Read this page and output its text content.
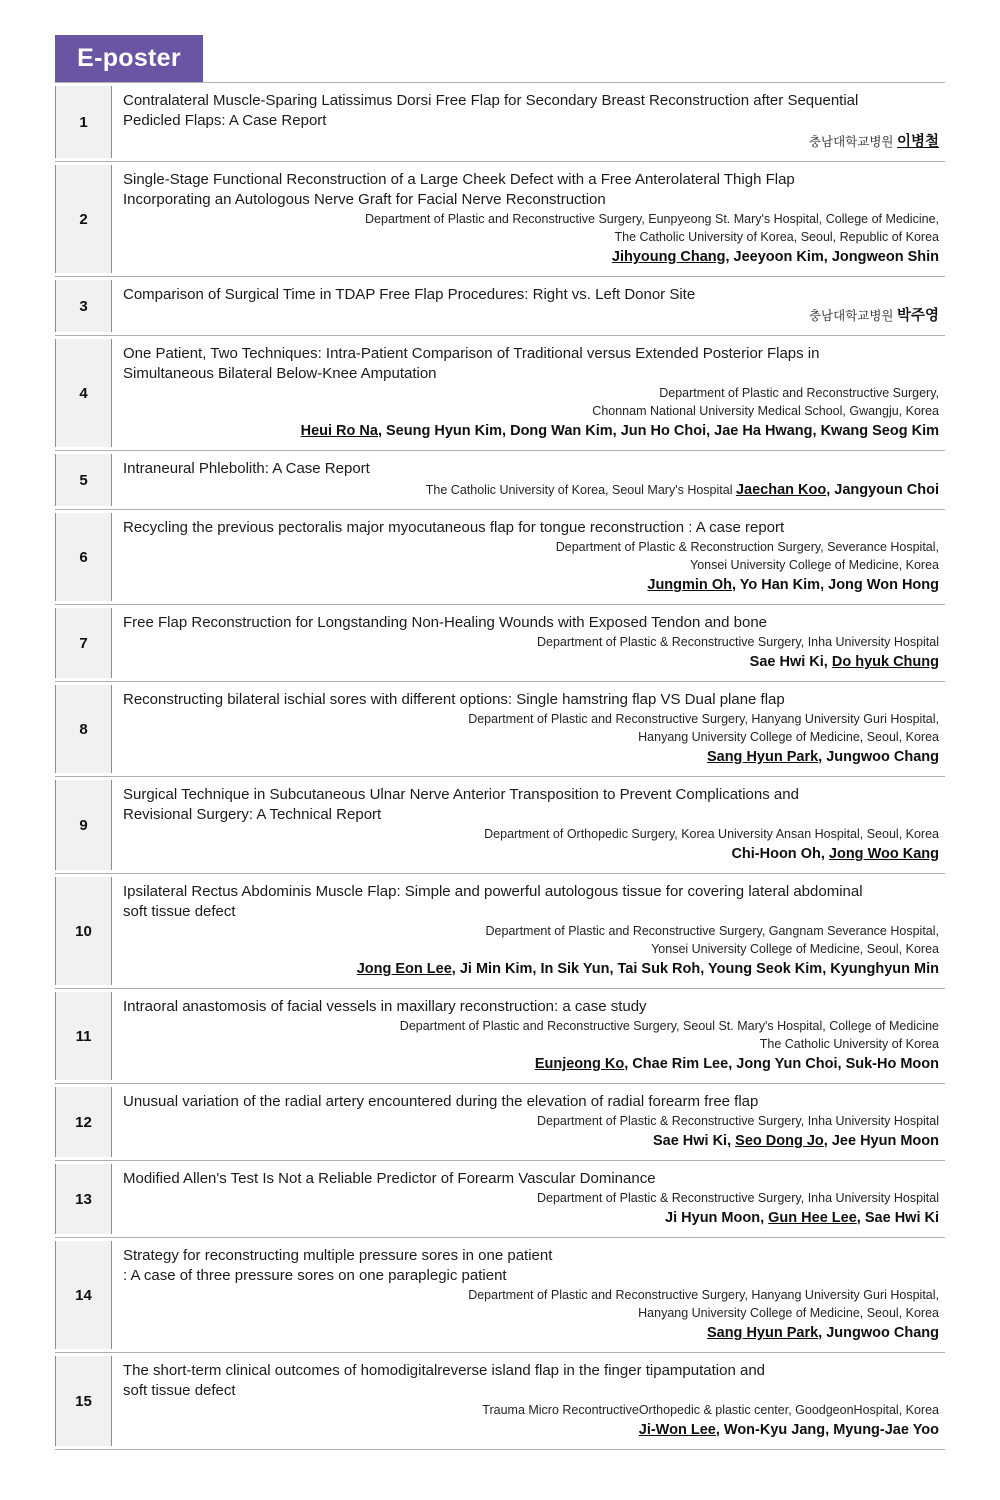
E-poster
1
Contralateral Muscle-Sparing Latissimus Dorsi Free Flap for Secondary Breast Reconstruction after Sequential
Pedicled Flaps: A Case Report
충남대학교병원 이병철
2
Single-Stage Functional Reconstruction of a Large Cheek Defect with a Free Anterolateral Thigh Flap
Incorporating an Autologous Nerve Graft for Facial Nerve Reconstruction
Department of Plastic and Reconstructive Surgery, Eunpyeong St. Mary's Hospital, College of Medicine,
The Catholic University of Korea, Seoul, Republic of Korea
Jihyoung Chang, Jeeyoon Kim, Jongweon Shin
3
Comparison of Surgical Time in TDAP Free Flap Procedures: Right vs. Left Donor Site
충남대학교병원 박주영
4
One Patient, Two Techniques: Intra-Patient Comparison of Traditional versus Extended Posterior Flaps in
Simultaneous Bilateral Below-Knee Amputation
Department of Plastic and Reconstructive Surgery,
Chonnam National University Medical School, Gwangju, Korea
Heui Ro Na, Seung Hyun Kim, Dong Wan Kim, Jun Ho Choi, Jae Ha Hwang, Kwang Seog Kim
5
Intraneural Phlebolith: A Case Report
The Catholic University of Korea, Seoul Mary's Hospital Jaechan Koo, Jangyoun Choi
6
Recycling the previous pectoralis major myocutaneous flap for tongue reconstruction : A case report
Department of Plastic & Reconstruction Surgery, Severance Hospital,
Yonsei University College of Medicine, Korea
Jungmin Oh, Yo Han Kim, Jong Won Hong
7
Free Flap Reconstruction for Longstanding Non-Healing Wounds with Exposed Tendon and bone
Department of Plastic & Reconstructive Surgery, Inha University Hospital
Sae Hwi Ki, Do hyuk Chung
8
Reconstructing bilateral ischial sores with different options: Single hamstring flap VS Dual plane flap
Department of Plastic and Reconstructive Surgery, Hanyang University Guri Hospital,
Hanyang University College of Medicine, Seoul, Korea
Sang Hyun Park, Jungwoo Chang
9
Surgical Technique in Subcutaneous Ulnar Nerve Anterior Transposition to Prevent Complications and
Revisional Surgery: A Technical Report
Department of Orthopedic Surgery, Korea University Ansan Hospital, Seoul, Korea
Chi-Hoon Oh, Jong Woo Kang
10
Ipsilateral Rectus Abdominis Muscle Flap: Simple and powerful autologous tissue for covering lateral abdominal
soft tissue defect
Department of Plastic and Reconstructive Surgery, Gangnam Severance Hospital,
Yonsei University College of Medicine, Seoul, Korea
Jong Eon Lee, Ji Min Kim, In Sik Yun, Tai Suk Roh, Young Seok Kim, Kyunghyun Min
11
Intraoral anastomosis of facial vessels in maxillary reconstruction: a case study
Department of Plastic and Reconstructive Surgery, Seoul St. Mary's Hospital, College of Medicine
The Catholic University of Korea
Eunjeong Ko, Chae Rim Lee, Jong Yun Choi, Suk-Ho Moon
12
Unusual variation of the radial artery encountered during the elevation of radial forearm free flap
Department of Plastic & Reconstructive Surgery, Inha University Hospital
Sae Hwi Ki, Seo Dong Jo, Jee Hyun Moon
13
Modified Allen's Test Is Not a Reliable Predictor of Forearm Vascular Dominance
Department of Plastic & Reconstructive Surgery, Inha University Hospital
Ji Hyun Moon, Gun Hee Lee, Sae Hwi Ki
14
Strategy for reconstructing multiple pressure sores in one patient
: A case of three pressure sores on one paraplegic patient
Department of Plastic and Reconstructive Surgery, Hanyang University Guri Hospital,
Hanyang University College of Medicine, Seoul, Korea
Sang Hyun Park, Jungwoo Chang
15
The short-term clinical outcomes of homodigitalreverse island flap in the finger tipamputation and
soft tissue defect
Trauma Micro RecontructiveOrthopedic & plastic center, GoodgeonHospital, Korea
Ji-Won Lee, Won-Kyu Jang, Myung-Jae Yoo
